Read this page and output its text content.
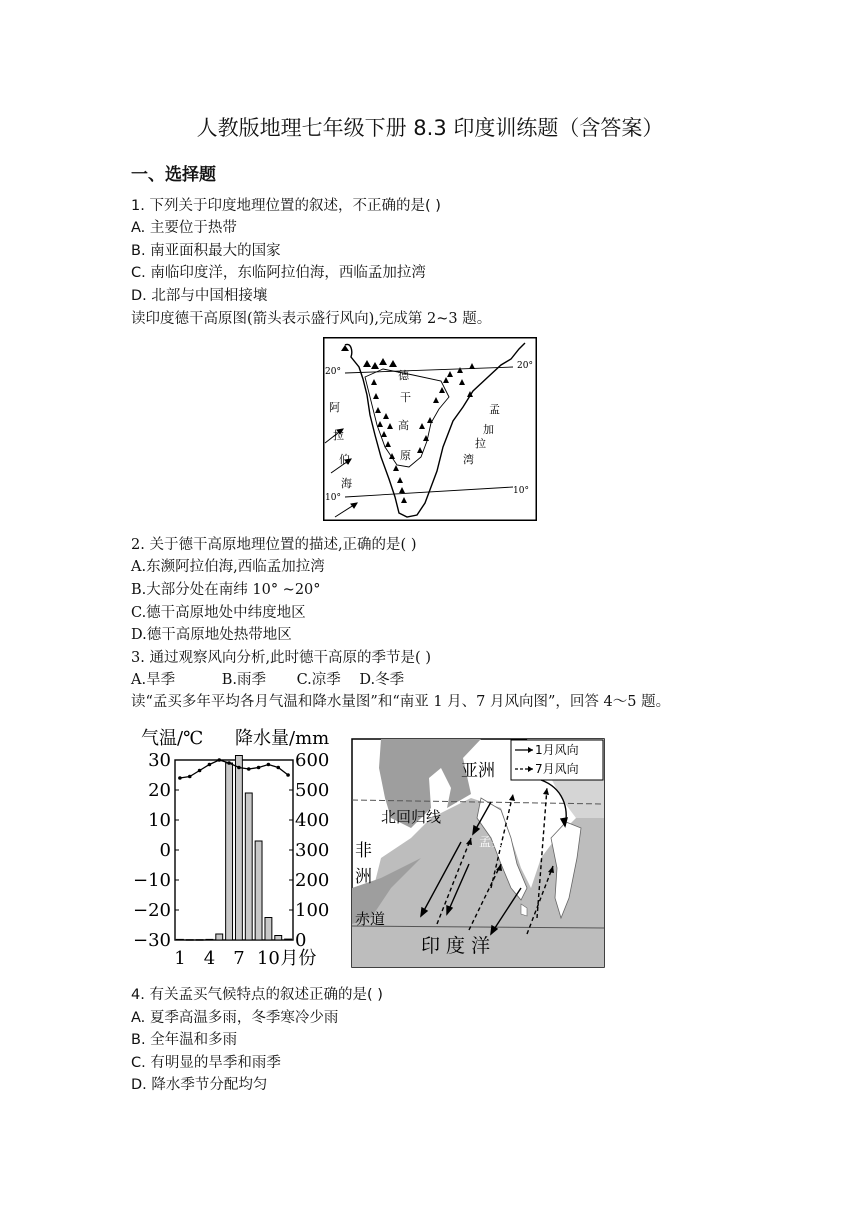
人教版地理七年级下册 8.3 印度训练题（含答案）
一、选择题
1. 下列关于印度地理位置的叙述，不正确的是( )
A. 主要位于热带
B. 南亚面积最大的国家
C. 南临印度洋，东临阿拉伯海，西临孟加拉湾
D. 北部与中国相接壤
读印度德干高原图(箭头表示盛行风向),完成第 2~3 题。
20°
20°
10°
10°
德
干
高
原
阿
拉
伯
海
孟
加
拉
湾
2. 关于德干高原地理位置的描述,正确的是( )
A.东濒阿拉伯海,西临孟加拉湾
B.大部分处在南纬 10° ~20°
C.德干高原地处中纬度地区
D.德干高原地处热带地区
3. 通过观察风向分析,此时德干高原的季节是( )
A.旱季	B.雨季 C.凉季 D.冬季
读“孟买多年平均各月气温和降水量图”和“南亚 1 月、7 月风向图”，回答 4～5 题。
气温/℃ 降水量/mm
30
20
10
0
−10
−20
−30
600
500
400
300
200
100
0
1 4 7 10 月份
1月风向
7月风向
亚洲
非
洲
北回归线
赤道
孟买
印 度 洋
4. 有关孟买气候特点的叙述正确的是( )
A. 夏季高温多雨，冬季寒冷少雨
B. 全年温和多雨
C. 有明显的旱季和雨季
D. 降水季节分配均匀
